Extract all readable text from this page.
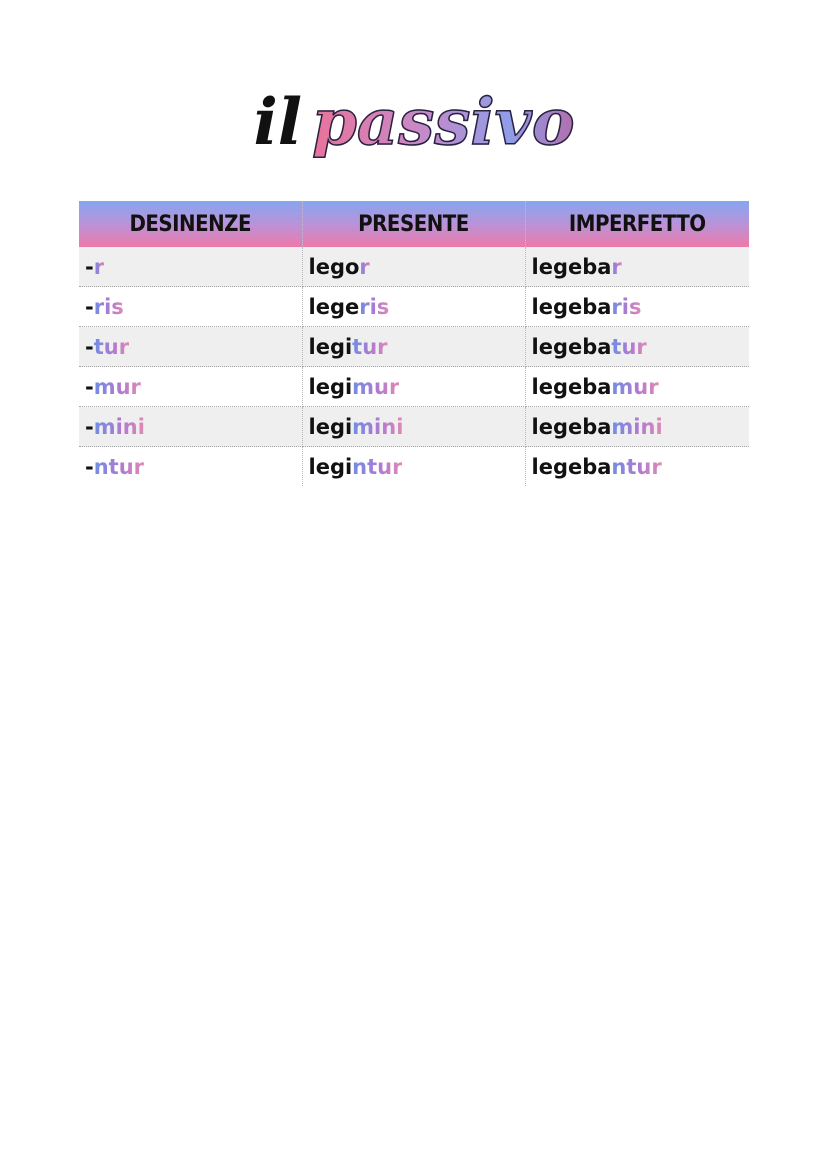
il passivo
DESINENZE	PRESENTE	IMPERFETTO
-r	legor	legebar
-ris	legeris	legebaris
-tur	legitur	legebatur
-mur	legimur	legebamur
-mini	legimini	legebamini
-ntur	legintur	legebantur
